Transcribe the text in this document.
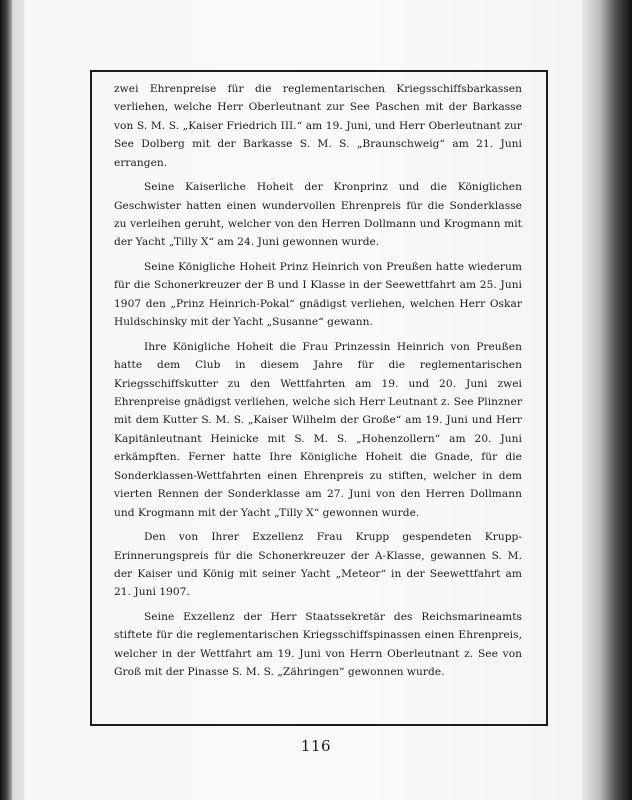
zwei Ehrenpreise für die reglementarischen Kriegsschiffsbarkassen verliehen, welche Herr Oberleutnant zur See Paschen mit der Barkasse von S. M. S. „Kaiser Friedrich III.“ am 19. Juni, und Herr Oberleutnant zur See Dolberg mit der Barkasse S. M. S. „Braunschweig“ am 21. Juni errangen.

Seine Kaiserliche Hoheit der Kronprinz und die Königlichen Geschwister hatten einen wundervollen Ehrenpreis für die Sonderklasse zu verleihen geruht, welcher von den Herren Dollmann und Krogmann mit der Yacht „Tilly X“ am 24. Juni gewonnen wurde.

Seine Königliche Hoheit Prinz Heinrich von Preußen hatte wiederum für die Schonerkreuzer der B und I Klasse in der Seewettfahrt am 25. Juni 1907 den „Prinz Heinrich-Pokal“ gnädigst verliehen, welchen Herr Oskar Huldschinsky mit der Yacht „Susanne“ gewann.

Ihre Königliche Hoheit die Frau Prinzessin Heinrich von Preußen hatte dem Club in diesem Jahre für die reglementarischen Kriegsschiffskutter zu den Wettfahrten am 19. und 20. Juni zwei Ehrenpreise gnädigst verliehen, welche sich Herr Leutnant z. See Plinzner mit dem Kutter S. M. S. „Kaiser Wilhelm der Große“ am 19. Juni und Herr Kapitänleutnant Heinicke mit S. M. S. „Hohenzollern“ am 20. Juni erkämpften. Ferner hatte Ihre Königliche Hoheit die Gnade, für die Sonderklassen-Wettfahrten einen Ehrenpreis zu stiften, welcher in dem vierten Rennen der Sonderklasse am 27. Juni von den Herren Dollmann und Krogmann mit der Yacht „Tilly X“ gewonnen wurde.

Den von Ihrer Exzellenz Frau Krupp gespendeten Krupp-Erinnerungspreis für die Schonerkreuzer der A-Klasse, gewannen S. M. der Kaiser und König mit seiner Yacht „Meteor“ in der Seewettfahrt am 21. Juni 1907.

Seine Exzellenz der Herr Staatssekretär des Reichsmarineamts stiftete für die reglementarischen Kriegsschiffspinassen einen Ehrenpreis, welcher in der Wettfahrt am 19. Juni von Herrn Oberleutnant z. See von Groß mit der Pinasse S. M. S. „Zähringen“ gewonnen wurde.

116
